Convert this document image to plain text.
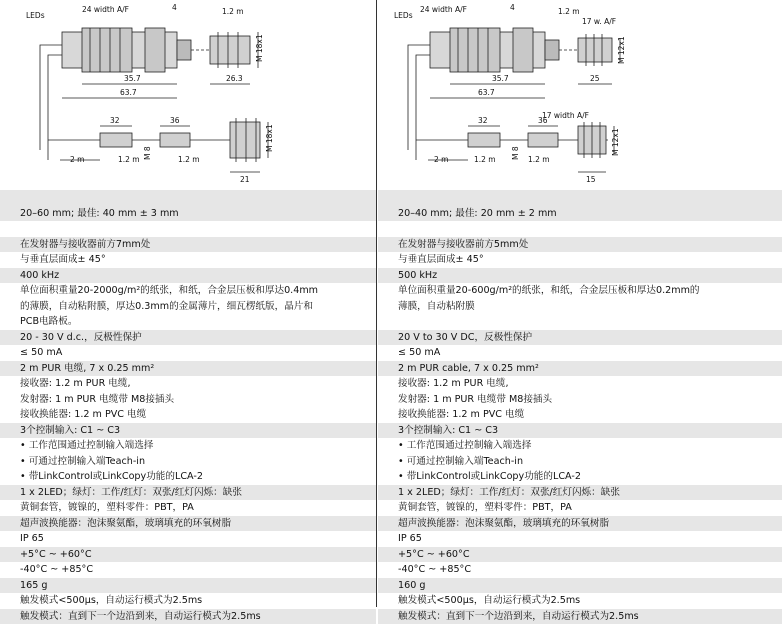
LEDs
24 width A/F	4	1.2 m
M 18x1
35.7	26.3
63.7
32	36
M 8
M 18x1
21
2 m	1.2 m	1.2 m
20–60 mm; 最佳: 40 mm ± 3 mm
在发射器与接收器前方7mm处
与垂直层面成± 45°
400 kHz
单位面积重量20-2000g/m²的纸张，和纸，合金层压板和厚达0.4mm
的薄膜，自动粘附膜，厚达0.3mm的金属薄片，细瓦楞纸版，晶片和
PCB电路板。
20 - 30 V d.c.，反极性保护
≤ 50 mA
2 m PUR 电缆, 7 x 0.25 mm²
接收器: 1.2 m PUR 电缆,
发射器: 1 m PUR 电缆带 M8接插头
接收换能器: 1.2 m PVC 电缆
3个控制输入: C1 ~ C3
• 工作范围通过控制输入端选择
• 可通过控制输入端Teach-in
• 带LinkControl或LinkCopy功能的LCA-2
1 x 2LED；绿灯：工作/红灯：双张/红灯闪烁：缺张
黄铜套管，镀镍的，塑料零件：PBT，PA
超声波换能器：泡沫聚氨酯，玻璃填充的环氧树脂
IP 65
+5°C ~ +60°C
-40°C ~ +85°C
165 g
触发模式<500µs，自动运行模式为2.5ms
触发模式：直到下一个边沿到来，自动运行模式为2.5ms
LEDs
24 width A/F	4	1.2 m
17 w. A/F
M 12x1
35.7	25
63.7
32	36
M 8
17 width A/F
M 12x1
15
2 m	1.2 m	1.2 m
20–40 mm; 最佳: 20 mm ± 2 mm
在发射器与接收器前方5mm处
与垂直层面成± 45°
500 kHz
单位面积重量20-600g/m²的纸张，和纸，合金层压板和厚达0.2mm的
薄膜，自动粘附膜
20 V to 30 V DC，反极性保护
≤ 50 mA
2 m PUR cable, 7 x 0.25 mm²
接收器: 1.2 m PUR 电缆,
发射器: 1 m PUR 电缆带 M8接插头
接收换能器: 1.2 m PVC 电缆
3个控制输入: C1 ~ C3
• 工作范围通过控制输入端选择
• 可通过控制输入端Teach-in
• 带LinkControl或LinkCopy功能的LCA-2
1 x 2LED；绿灯：工作/红灯：双张/红灯闪烁：缺张
黄铜套管，镀镍的，塑料零件：PBT，PA
超声波换能器：泡沫聚氨酯，玻璃填充的环氧树脂
IP 65
+5°C ~ +60°C
-40°C ~ +85°C
160 g
触发模式<500µs，自动运行模式为2.5ms
触发模式：直到下一个边沿到来，自动运行模式为2.5ms
